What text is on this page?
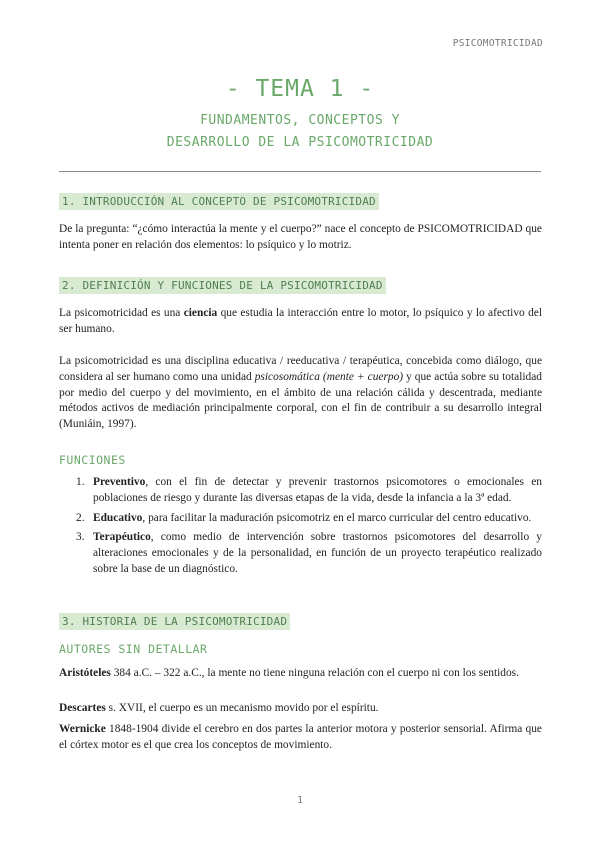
PSICOMOTRICIDAD
- TEMA 1 -
FUNDAMENTOS, CONCEPTOS Y
DESARROLLO DE LA PSICOMOTRICIDAD
1. INTRODUCCIÓN AL CONCEPTO DE PSICOMOTRICIDAD
De la pregunta: “¿cómo interactúa la mente y el cuerpo?” nace el concepto de PSICOMOTRICIDAD que intenta poner en relación dos elementos: lo psíquico y lo motriz.
2. DEFINICIÓN Y FUNCIONES DE LA PSICOMOTRICIDAD
La psicomotricidad es una ciencia que estudia la interacción entre lo motor, lo psíquico y lo afectivo del ser humano.
La psicomotricidad es una disciplina educativa / reeducativa / terapéutica, concebida como diálogo, que considera al ser humano como una unidad psicosomática (mente + cuerpo) y que actúa sobre su totalidad por medio del cuerpo y del movimiento, en el ámbito de una relación cálida y descentrada, mediante métodos activos de mediación principalmente corporal, con el fin de contribuir a su desarrollo integral (Muniáin, 1997).
FUNCIONES
1. Preventivo, con el fin de detectar y prevenir trastornos psicomotores o emocionales en poblaciones de riesgo y durante las diversas etapas de la vida, desde la infancia a la 3ª edad.
2. Educativo, para facilitar la maduración psicomotriz en el marco curricular del centro educativo.
3. Terapéutico, como medio de intervención sobre trastornos psicomotores del desarrollo y alteraciones emocionales y de la personalidad, en función de un proyecto terapéutico realizado sobre la base de un diagnóstico.
3. HISTORIA DE LA PSICOMOTRICIDAD
AUTORES SIN DETALLAR
Aristóteles 384 a.C. – 322 a.C., la mente no tiene ninguna relación con el cuerpo ni con los sentidos.
Descartes s. XVII, el cuerpo es un mecanismo movido por el espíritu.
Wernicke 1848-1904 divide el cerebro en dos partes la anterior motora y posterior sensorial. Afirma que el córtex motor es el que crea los conceptos de movimiento.
1
